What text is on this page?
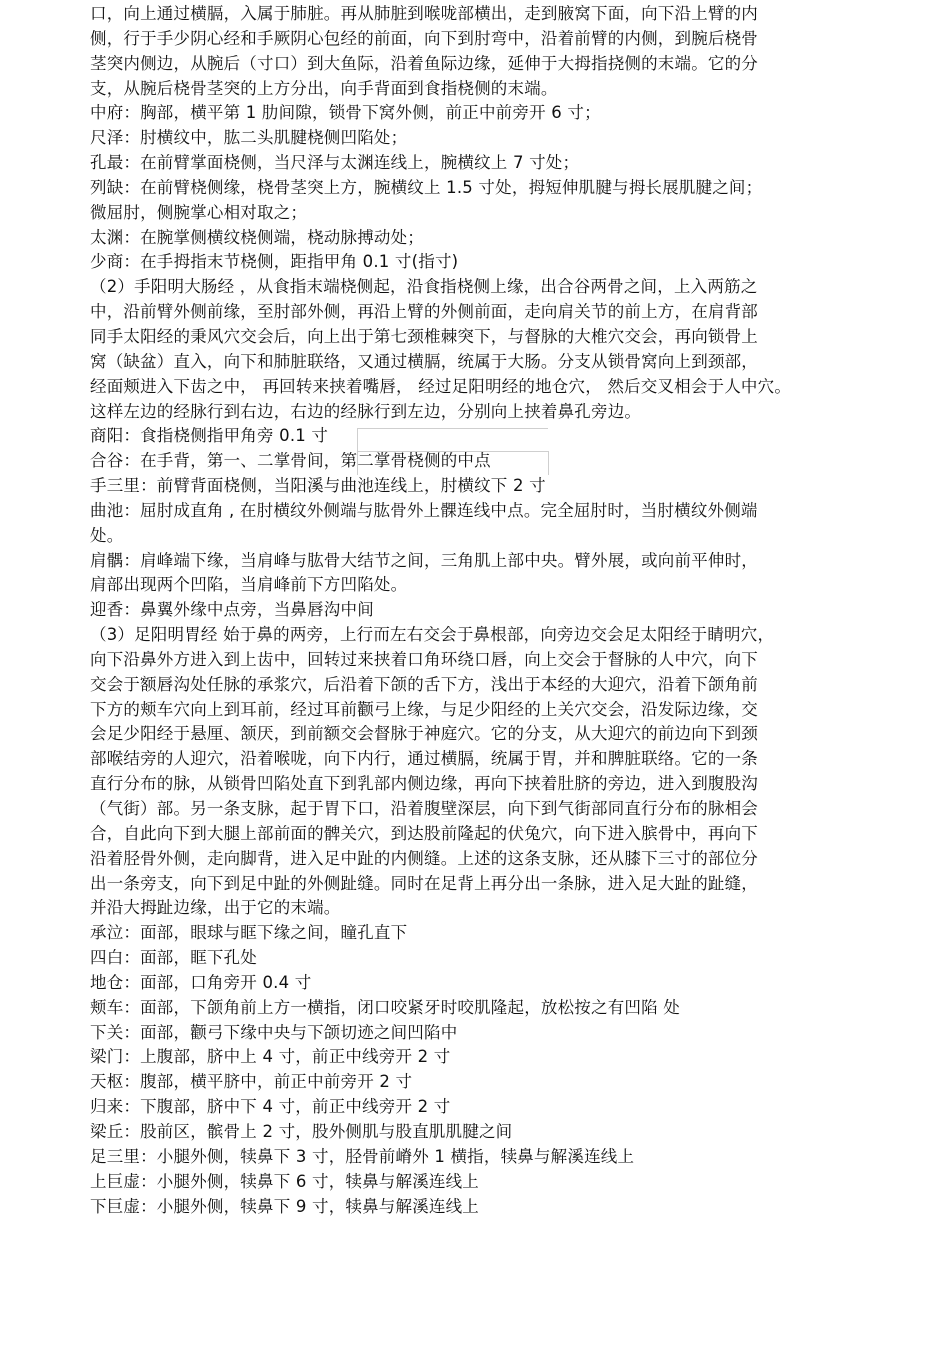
口，向上通过横膈，入属于肺脏。再从肺脏到喉咙部横出，走到腋窝下面，向下沿上臂的内
侧，行于手少阴心经和手厥阴心包经的前面，向下到肘弯中，沿着前臂的内侧，到腕后桡骨
茎突内侧边，从腕后（寸口）到大鱼际，沿着鱼际边缘，延伸于大拇指挠侧的末端。它的分
支，从腕后桡骨茎突的上方分出，向手背面到食指桡侧的末端。
中府：胸部，横平第 1 肋间隙，锁骨下窝外侧，前正中前旁开 6 寸；
尺泽：肘横纹中，肱二头肌腱桡侧凹陷处；
孔最：在前臂掌面桡侧，当尺泽与太渊连线上，腕横纹上 7 寸处；
列缺：在前臂桡侧缘，桡骨茎突上方，腕横纹上 1.5 寸处，拇短伸肌腱与拇长展肌腱之间；
微屈肘，侧腕掌心相对取之；
太渊：在腕掌侧横纹桡侧端，桡动脉搏动处；
少商：在手拇指末节桡侧，距指甲角 0.1 寸(指寸)
（2）手阳明大肠经 ，从食指末端桡侧起，沿食指桡侧上缘，出合谷两骨之间，上入两筋之
中，沿前臂外侧前缘，至肘部外侧，再沿上臂的外侧前面，走向肩关节的前上方，在肩背部
同手太阳经的秉风穴交会后，向上出于第七颈椎棘突下，与督脉的大椎穴交会，再向锁骨上
窝（缺盆）直入，向下和肺脏联络，又通过横膈，统属于大肠。分支从锁骨窝向上到颈部，
经面颊进入下齿之中， 再回转来挟着嘴唇， 经过足阳明经的地仓穴， 然后交叉相会于人中穴。
这样左边的经脉行到右边，右边的经脉行到左边，分别向上挟着鼻孔旁边。
商阳：食指桡侧指甲角旁 0.1 寸
合谷：在手背，第一、二掌骨间，第二掌骨桡侧的中点
手三里：前臂背面桡侧，当阳溪与曲池连线上，肘横纹下 2 寸
曲池：屈肘成直角 , 在肘横纹外侧端与肱骨外上髁连线中点。完全屈肘时，当肘横纹外侧端
处。
肩髃：肩峰端下缘，当肩峰与肱骨大结节之间，三角肌上部中央。臂外展，或向前平伸时，
肩部出现两个凹陷，当肩峰前下方凹陷处。
迎香：鼻翼外缘中点旁，当鼻唇沟中间
（3）足阳明胃经 始于鼻的两旁，上行而左右交会于鼻根部，向旁边交会足太阳经于睛明穴，
向下沿鼻外方进入到上齿中，回转过来挟着口角环绕口唇，向上交会于督脉的人中穴，向下
交会于额唇沟处任脉的承浆穴，后沿着下颌的舌下方，浅出于本经的大迎穴，沿着下颌角前
下方的颊车穴向上到耳前，经过耳前颧弓上缘，与足少阳经的上关穴交会，沿发际边缘，交
会足少阳经于悬厘、颔厌，到前额交会督脉于神庭穴。它的分支，从大迎穴的前边向下到颈
部喉结旁的人迎穴，沿着喉咙，向下内行，通过横膈，统属于胃，并和脾脏联络。它的一条
直行分布的脉，从锁骨凹陷处直下到乳部内侧边缘，再向下挟着肚脐的旁边，进入到腹股沟
（气街）部。另一条支脉，起于胃下口，沿着腹壁深层，向下到气街部同直行分布的脉相会
合，自此向下到大腿上部前面的髀关穴，到达股前隆起的伏兔穴，向下进入膑骨中，再向下
沿着胫骨外侧，走向脚背，进入足中趾的内侧缝。上述的这条支脉，还从膝下三寸的部位分
出一条旁支，向下到足中趾的外侧趾缝。同时在足背上再分出一条脉，进入足大趾的趾缝，
并沿大拇趾边缘，出于它的末端。
承泣：面部，眼球与眶下缘之间，瞳孔直下
四白：面部，眶下孔处
地仓：面部，口角旁开 0.4 寸
颊车：面部，下颌角前上方一横指，闭口咬紧牙时咬肌隆起，放松按之有凹陷 处
下关：面部，颧弓下缘中央与下颌切迹之间凹陷中
梁门：上腹部，脐中上 4 寸，前正中线旁开 2 寸
天枢：腹部，横平脐中，前正中前旁开 2 寸
归来：下腹部，脐中下 4 寸，前正中线旁开 2 寸
梁丘：股前区，髌骨上 2 寸，股外侧肌与股直肌肌腱之间
足三里：小腿外侧，犊鼻下 3 寸，胫骨前嵴外 1 横指，犊鼻与解溪连线上
上巨虚：小腿外侧，犊鼻下 6 寸，犊鼻与解溪连线上
下巨虚：小腿外侧，犊鼻下 9 寸，犊鼻与解溪连线上
